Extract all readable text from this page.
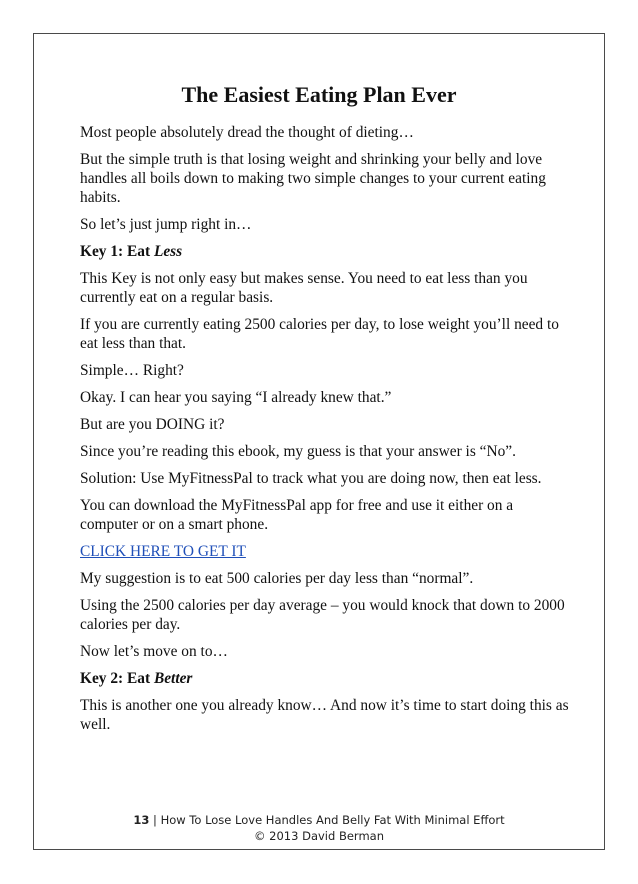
The Easiest Eating Plan Ever

Most people absolutely dread the thought of dieting…

But the simple truth is that losing weight and shrinking your belly and love handles all boils down to making two simple changes to your current eating habits.

So let’s just jump right in…

Key 1: Eat Less

This Key is not only easy but makes sense. You need to eat less than you currently eat on a regular basis.

If you are currently eating 2500 calories per day, to lose weight you’ll need to eat less than that.

Simple… Right?

Okay. I can hear you saying “I already knew that.”

But are you DOING it?

Since you’re reading this ebook, my guess is that your answer is “No”.

Solution: Use MyFitnessPal to track what you are doing now, then eat less.

You can download the MyFitnessPal app for free and use it either on a computer or on a smart phone.

CLICK HERE TO GET IT

My suggestion is to eat 500 calories per day less than “normal”.

Using the 2500 calories per day average – you would knock that down to 2000 calories per day.

Now let’s move on to…

Key 2: Eat Better

This is another one you already know… And now it’s time to start doing this as well.

13 | How To Lose Love Handles And Belly Fat With Minimal Effort
© 2013 David Berman
